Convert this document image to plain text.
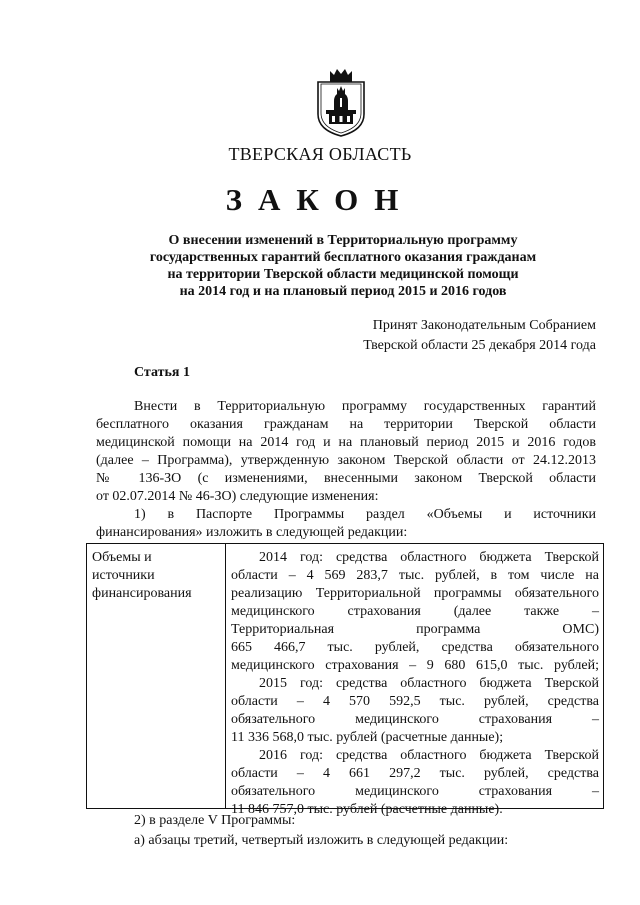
ТВЕРСКАЯ ОБЛАСТЬ
ЗАКОН
О внесении изменений в Территориальную программу
государственных гарантий бесплатного оказания гражданам
на территории Тверской области медицинской помощи
на 2014 год и на плановый период 2015 и 2016 годов
Принят Законодательным Собранием
Тверской области 25 декабря 2014 года
Статья 1
Внести в Территориальную программу государственных гарантий
бесплатного оказания гражданам на территории Тверской области
медицинской помощи на 2014 год и на плановый период 2015 и 2016 годов
(далее – Программа), утвержденную законом Тверской области от 24.12.2013
№ 136-ЗО (с изменениями, внесенными законом Тверской области
от 02.07.2014 № 46-ЗО) следующие изменения:
1) в Паспорте Программы раздел «Объемы и источники
финансирования» изложить в следующей редакции:
Объемы и
источники
финансирования
2014 год: средства областного бюджета Тверской
области – 4 569 283,7 тыс. рублей, в том числе на
реализацию Территориальной программы обязательного
медицинского страхования (далее также –
Территориальная программа ОМС)
665 466,7 тыс. рублей, средства обязательного
медицинского страхования – 9 680 615,0 тыс. рублей;
2015 год: средства областного бюджета Тверской
области – 4 570 592,5 тыс. рублей, средства
обязательного медицинского страхования –
11 336 568,0 тыс. рублей (расчетные данные);
2016 год: средства областного бюджета Тверской
области – 4 661 297,2 тыс. рублей, средства
обязательного медицинского страхования –
11 846 757,0 тыс. рублей (расчетные данные).
2) в разделе V Программы:
а) абзацы третий, четвертый изложить в следующей редакции:
